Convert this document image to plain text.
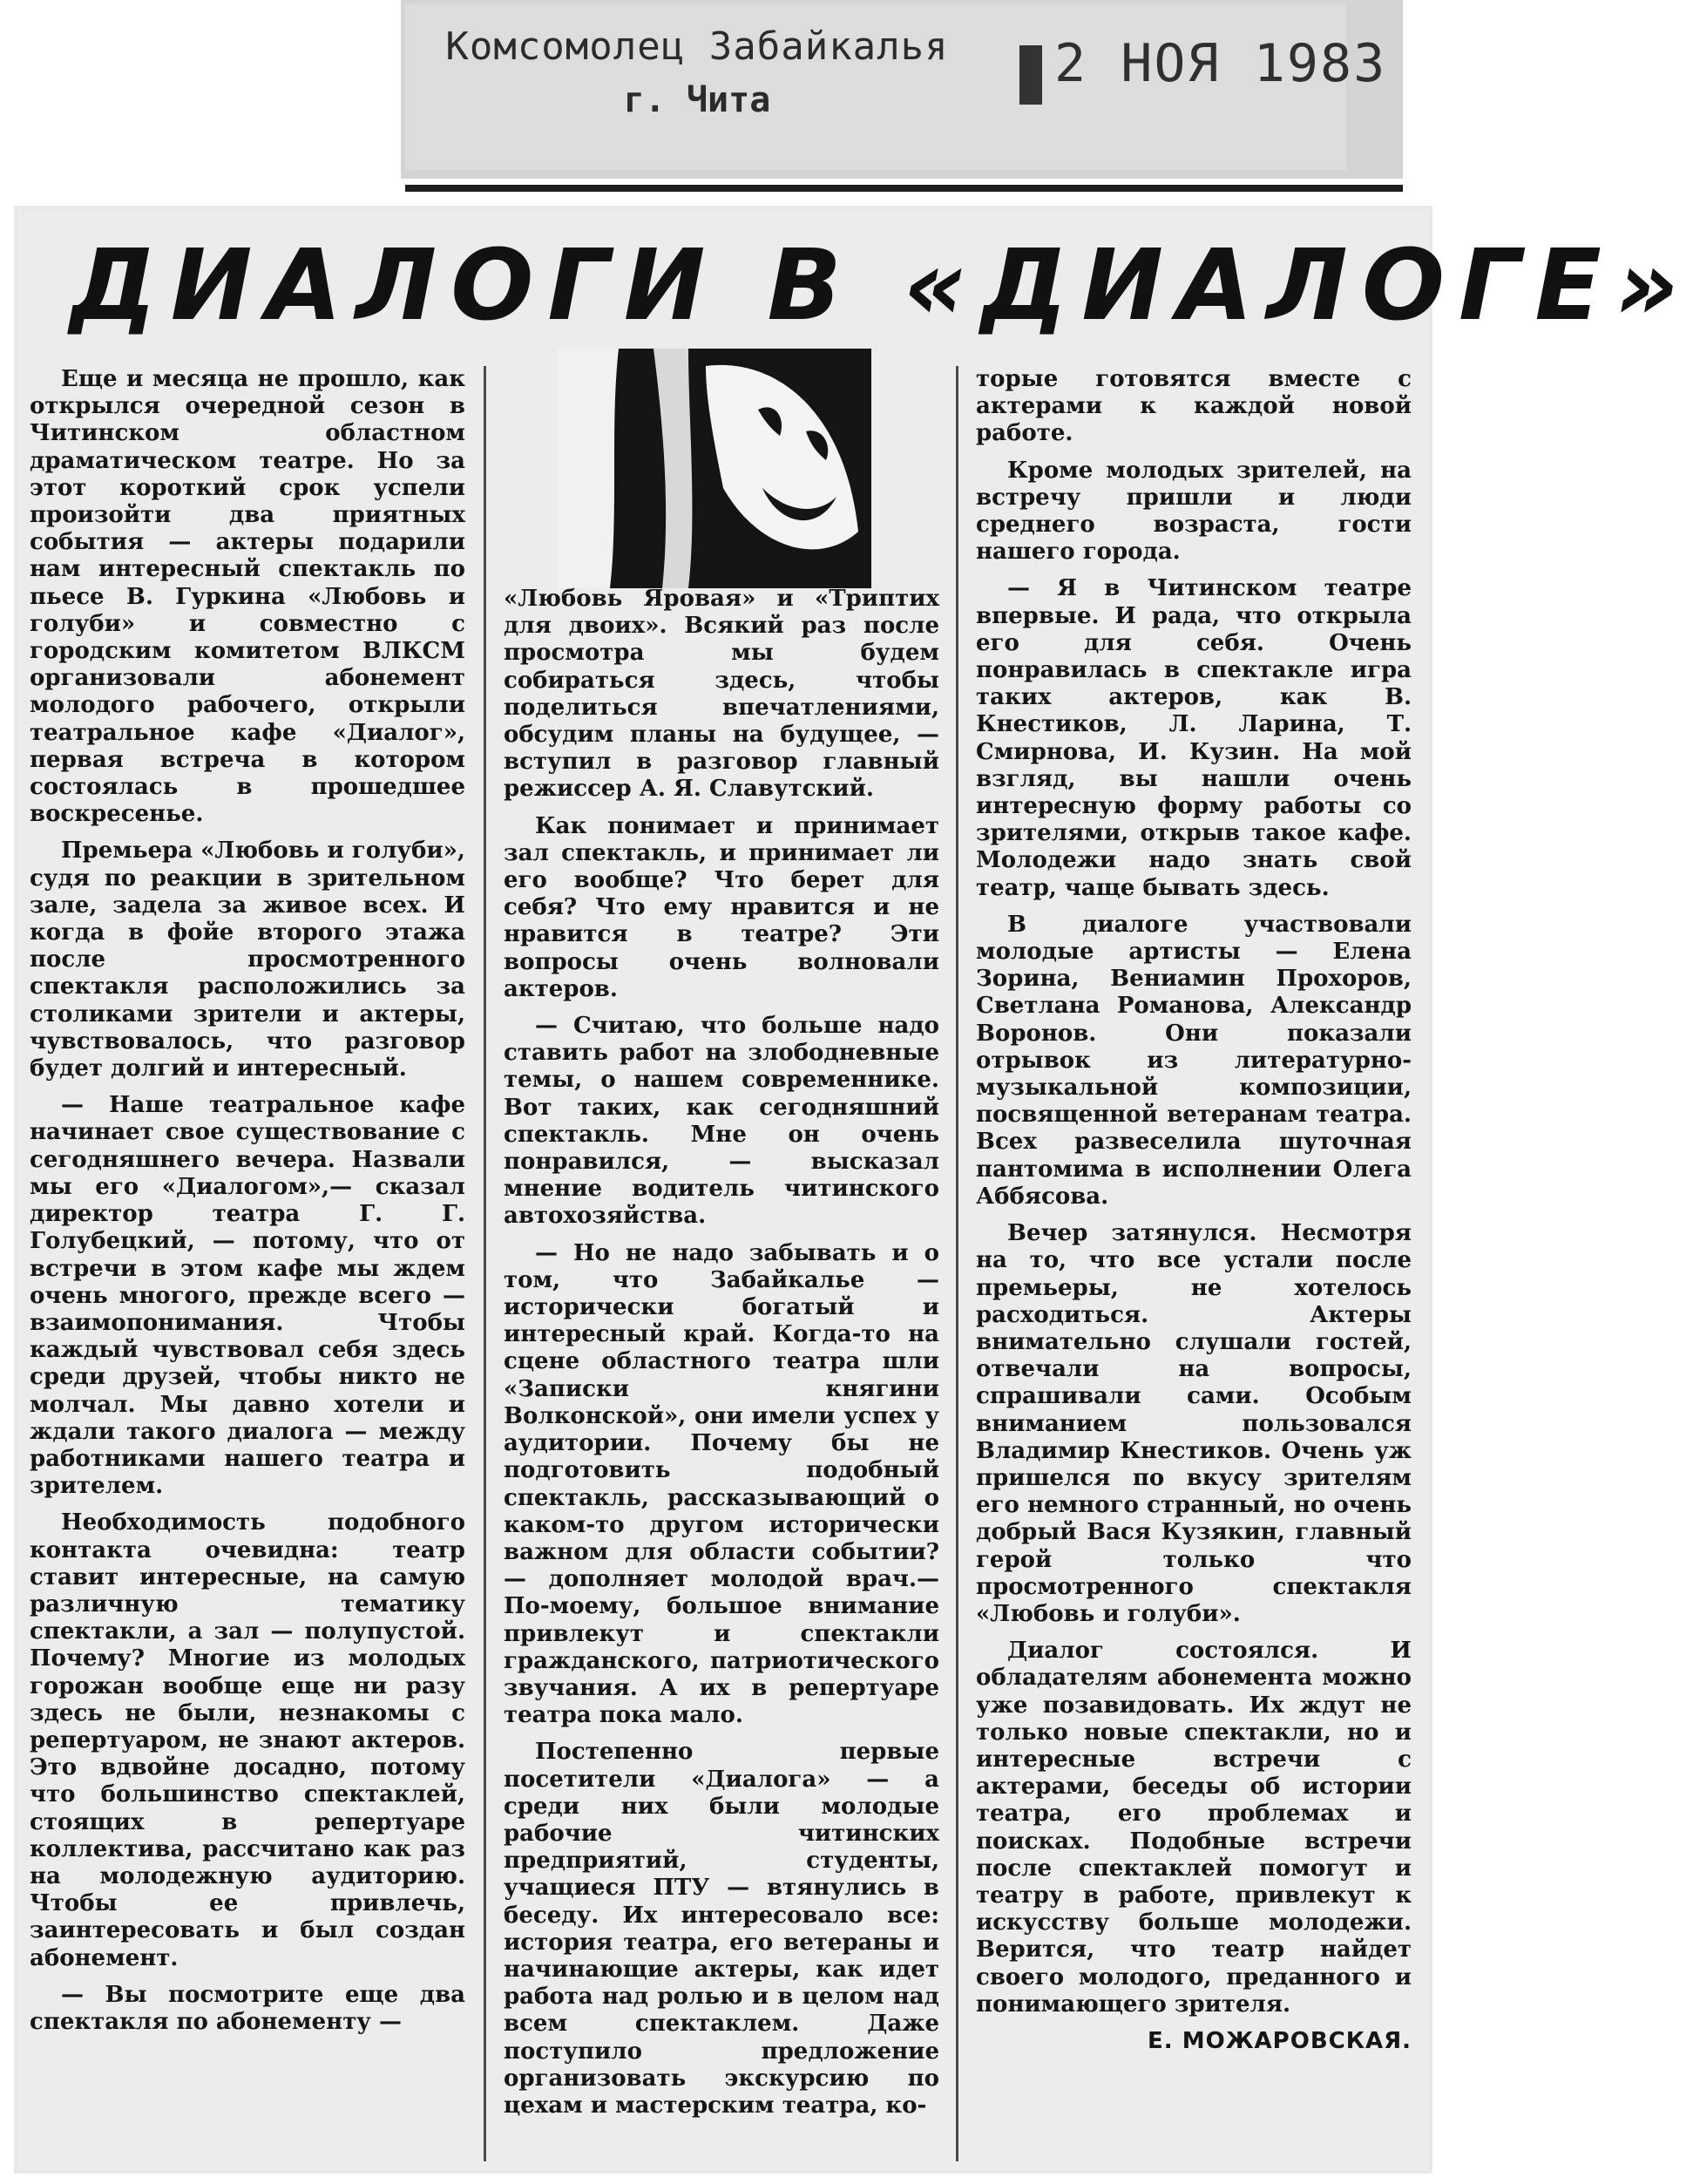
Комсомолец Забайкалья
г. Чита
2 НОЯ 1983
ДИАЛОГИ В «ДИАЛОГЕ»

Еще и месяца не прошло, как открылся очередной сезон в Читинском областном драматическом театре. Но за этот короткий срок успели произойти два приятных события — актеры подарили нам интересный спектакль по пьесе В. Гуркина «Любовь и голуби» и совместно с городским комитетом ВЛКСМ организовали абонемент молодого рабочего, открыли театральное кафе «Диалог», первая встреча в котором состоялась в прошедшее воскресенье.

Премьера «Любовь и голуби», судя по реакции в зрительном зале, задела за живое всех. И когда в фойе второго этажа после просмотренного спектакля расположились за столиками зрители и актеры, чувствовалось, что разговор будет долгий и интересный.

— Наше театральное кафе начинает свое существование с сегодняшнего вечера. Назвали мы его «Диалогом»,— сказал директор театра Г. Г. Голубецкий, — потому, что от встречи в этом кафе мы ждем очень многого, прежде всего — взаимопонимания. Чтобы каждый чувствовал себя здесь среди друзей, чтобы никто не молчал. Мы давно хотели и ждали такого диалога — между работниками нашего театра и зрителем.

Необходимость подобного контакта очевидна: театр ставит интересные, на самую различную тематику спектакли, а зал — полупустой. Почему? Многие из молодых горожан вообще еще ни разу здесь не были, незнакомы с репертуаром, не знают актеров. Это вдвойне досадно, потому что большинство спектаклей, стоящих в репертуаре коллектива, рассчитано как раз на молодежную аудиторию. Чтобы ее привлечь, заинтересовать и был создан абонемент.

— Вы посмотрите еще два спектакля по абонементу —

«Любовь Яровая» и «Триптих для двоих». Всякий раз после просмотра мы будем собираться здесь, чтобы поделиться впечатлениями, обсудим планы на будущее, — вступил в разговор главный режиссер А. Я. Славутский.

Как понимает и принимает зал спектакль, и принимает ли его вообще? Что берет для себя? Что ему нравится и не нравится в театре? Эти вопросы очень волновали актеров.

— Считаю, что больше надо ставить работ на злободневные темы, о нашем современнике. Вот таких, как сегодняшний спектакль. Мне он очень понравился, — высказал мнение водитель читинского автохозяйства.

— Но не надо забывать и о том, что Забайкалье — исторически богатый и интересный край. Когда-то на сцене областного театра шли «Записки княгини Волконской», они имели успех у аудитории. Почему бы не подготовить подобный спектакль, рассказывающий о каком-то другом исторически важном для области событии? — дополняет молодой врач.—По-моему, большое внимание привлекут и спектакли гражданского, патриотического звучания. А их в репертуаре театра пока мало.

Постепенно первые посетители «Диалога» — а среди них были молодые рабочие читинских предприятий, студенты, учащиеся ПТУ — втянулись в беседу. Их интересовало все: история театра, его ветераны и начинающие актеры, как идет работа над ролью и в целом над всем спектаклем. Даже поступило предложение организовать экскурсию по цехам и мастерским театра, ко-

торые готовятся вместе с актерами к каждой новой работе.

Кроме молодых зрителей, на встречу пришли и люди среднего возраста, гости нашего города.

— Я в Читинском театре впервые. И рада, что открыла его для себя. Очень понравилась в спектакле игра таких актеров, как В. Кнестиков, Л. Ларина, Т. Смирнова, И. Кузин. На мой взгляд, вы нашли очень интересную форму работы со зрителями, открыв такое кафе. Молодежи надо знать свой театр, чаще бывать здесь.

В диалоге участвовали молодые артисты — Елена Зорина, Вениамин Прохоров, Светлана Романова, Александр Воронов. Они показали отрывок из литературно-музыкальной композиции, посвященной ветеранам театра. Всех развеселила шуточная пантомима в исполнении Олега Аббясова.

Вечер затянулся. Несмотря на то, что все устали после премьеры, не хотелось расходиться. Актеры внимательно слушали гостей, отвечали на вопросы, спрашивали сами. Особым вниманием пользовался Владимир Кнестиков. Очень уж пришелся по вкусу зрителям его немного странный, но очень добрый Вася Кузякин, главный герой только что просмотренного спектакля «Любовь и голуби».

Диалог состоялся. И обладателям абонемента можно уже позавидовать. Их ждут не только новые спектакли, но и интересные встречи с актерами, беседы об истории театра, его проблемах и поисках. Подобные встречи после спектаклей помогут и театру в работе, привлекут к искусству больше молодежи. Верится, что театр найдет своего молодого, преданного и понимающего зрителя.

Е. МОЖАРОВСКАЯ.
